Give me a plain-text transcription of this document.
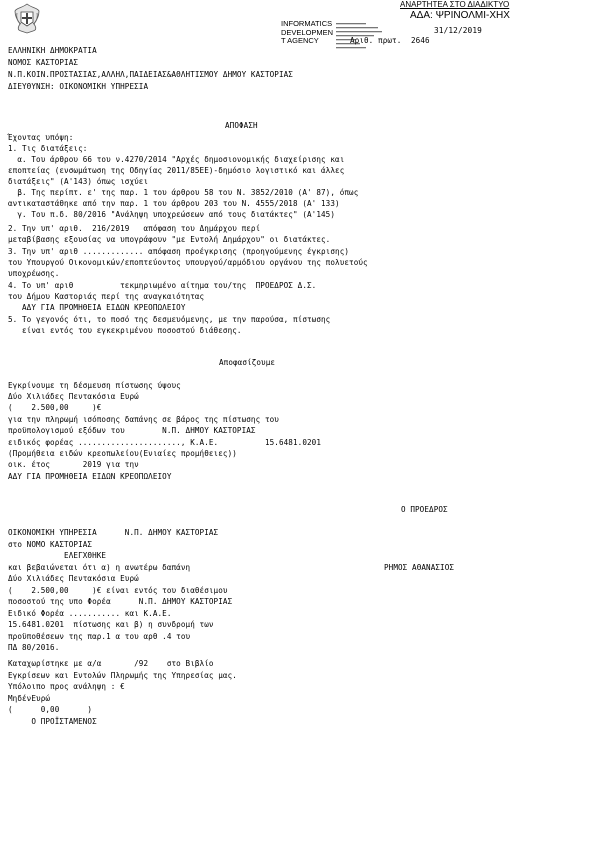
ΑΝΑΡΤΗΤΕΑ ΣΤΟ ΔΙΑΔΙΚΤΥΟ
ΑΔΑ: ΨΡΙΝΟΛΜΙ-ΧΗΧ
INFORMATICS
DEVELOPMEN
T AGENCY
31/12/2019
Αριθ. πρωτ. 2646
ΕΛΛΗΝΙΚΗ ΔΗΜΟΚΡΑΤΙΑ
ΝΟΜΟΣ ΚΑΣΤΟΡΙΑΣ
Ν.Π.ΚΟΙΝ.ΠΡΟΣΤΑΣΙΑΣ,ΑΛΛΗΛ,ΠΑΙΔΕΙΑΣ&ΑΘΛΗΤΙΣΜΟΥ ΔΗΜΟΥ ΚΑΣΤΟΡΙΑΣ
ΔΙΕΥΘΥΝΣΗ: ΟΙΚΟΝΟΜΙΚΗ ΥΠΗΡΕΣΙΑ
ΑΠΟΦΑΣΗ
Έχοντας υπόψη:
1. Τις διατάξεις:
α. Του άρθρου 66 του ν.4270/2014 "Αρχές δημοσιονομικής διαχείρισης και
εποπτείας (ενσωμάτωση της Οδηγίας 2011/85ΕΕ)-δημόσιο λογιστικό και άλλες
διατάξεις" (Α'143) όπως ισχύει
β. Της περίπτ. ε' της παρ. 1 του άρθρου 58 του Ν. 3852/2010 (Α' 87), όπως
αντικαταστάθηκε από την παρ. 1 του άρθρου 203 του Ν. 4555/2018 (Α' 133)
γ. Του π.δ. 80/2016 "Ανάληψη υποχρεώσεων από τους διατάκτες" (Α'145)
2. Την υπ' αριθ.  216/2019   απόφαση του Δημάρχου περί
μεταβίβασης εξουσίας να υπογράφουν "με Εντολή Δημάρχου" οι διατάκτες.
3. Την υπ' αριθ ............. απόφαση προέγκρισης (προηγούμενης έγκρισης)
του Υπουργού Οικονομικών/εποπτεύοντος υπουργού/αρμόδιου οργάνου της πολυετούς
υποχρέωσης.
4. Το υπ' αριθ          τεκμηριωμένο αίτημα του/της  ΠΡΟΕΔΡΟΣ Δ.Σ.
του Δήμου Καστοριάς περί της αναγκαιότητας
ΑΔΥ ΓΙΑ ΠΡΟΜΗΘΕΙΑ ΕΙΔΩΝ ΚΡΕΟΠΩΛΕΙΟΥ
5. Το γεγονός ότι, το ποσό της δεσμευόμενης, με την παρούσα, πίστωσης
είναι εντός του εγκεκριμένου ποσοστού διάθεσης.
Αποφασίζουμε
Εγκρίνουμε τη δέσμευση πίστωσης ύψους
Δύο Χιλιάδες Πεντακόσια Ευρώ
(    2.500,00     )€
για την πληρωμή ισόποσης δαπάνης σε βάρος της πίστωσης του
προϋπολογισμού εξόδων του        Ν.Π. ΔΗΜΟΥ ΚΑΣΤΟΡΙΑΣ
ειδικός φορέας ......................, Κ.Α.Ε.          15.6481.0201
(Προμήθεια ειδών κρεοπωλείου(Ενιαίες προμήθειες))
οικ. έτος       2019 για την
ΑΔΥ ΓΙΑ ΠΡΟΜΗΘΕΙΑ ΕΙΔΩΝ ΚΡΕΟΠΩΛΕΙΟΥ
Ο ΠΡΟΕΔΡΟΣ
ΟΙΚΟΝΟΜΙΚΗ ΥΠΗΡΕΣΙΑ      Ν.Π. ΔΗΜΟΥ ΚΑΣΤΟΡΙΑΣ
στο ΝΟΜΟ ΚΑΣΤΟΡΙΑΣ
ΕΛΕΓΧΘΗΚΕ
και βεβαιώνεται ότι α) η ανωτέρω δαπάνη
Δύο Χιλιάδες Πεντακόσια Ευρώ
(    2.500,00     )€ είναι εντός του διαθέσιμου
ποσοστού της υπο Φορέα      Ν.Π. ΔΗΜΟΥ ΚΑΣΤΟΡΙΑΣ
Ειδικό Φορέα ........... και Κ.Α.Ε.
15.6481.0201  πίστωσης και β) η συνδρομή των
προϋποθέσεων της παρ.1 α του αρθ .4 του
ΠΔ 80/2016.
Καταχωρίστηκε με α/α       /92    στο Βιβλίο
Εγκρίσεων και Εντολών Πληρωμής της Υπηρεσίας μας.
Υπόλοιπο προς ανάληψη : €
ΜηδένΕυρώ
(      0,00      )
Ο ΠΡΟΪΣΤΑΜΕΝΟΣ
ΡΗΜΟΣ ΑΘΑΝΑΣΙΟΣ
